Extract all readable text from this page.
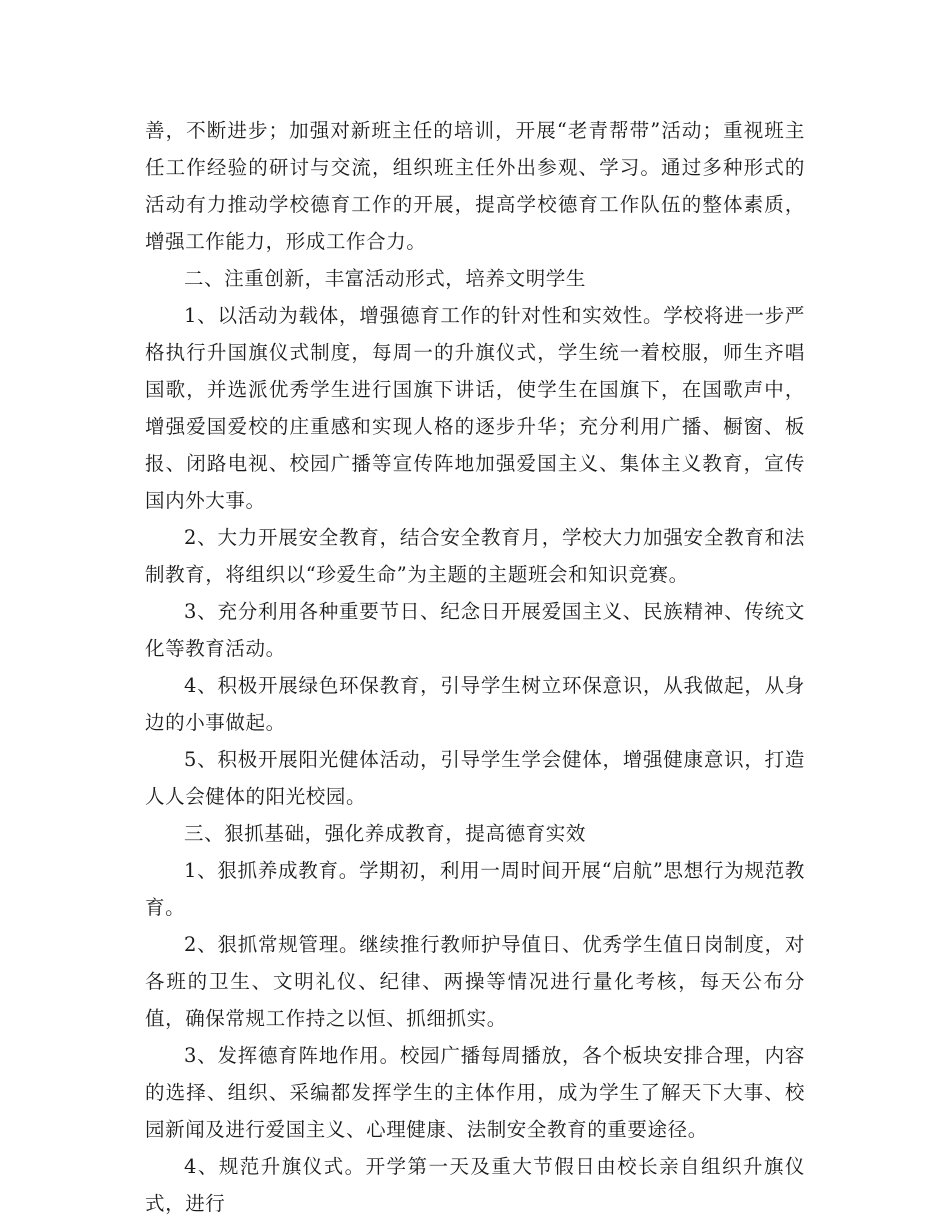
善，不断进步；加强对新班主任的培训，开展“老青帮带”活动；重视班主任工作经验的研讨与交流，组织班主任外出参观、学习。通过多种形式的活动有力推动学校德育工作的开展，提高学校德育工作队伍的整体素质，增强工作能力，形成工作合力。

二、注重创新，丰富活动形式，培养文明学生

1、以活动为载体，增强德育工作的针对性和实效性。学校将进一步严格执行升国旗仪式制度，每周一的升旗仪式，学生统一着校服，师生齐唱国歌，并选派优秀学生进行国旗下讲话，使学生在国旗下，在国歌声中，增强爱国爱校的庄重感和实现人格的逐步升华；充分利用广播、橱窗、板报、闭路电视、校园广播等宣传阵地加强爱国主义、集体主义教育，宣传国内外大事。

2、大力开展安全教育，结合安全教育月，学校大力加强安全教育和法制教育，将组织以“珍爱生命”为主题的主题班会和知识竞赛。

3、充分利用各种重要节日、纪念日开展爱国主义、民族精神、传统文化等教育活动。

4、积极开展绿色环保教育，引导学生树立环保意识，从我做起，从身边的小事做起。

5、积极开展阳光健体活动，引导学生学会健体，增强健康意识，打造人人会健体的阳光校园。

三、狠抓基础，强化养成教育，提高德育实效

1、狠抓养成教育。学期初，利用一周时间开展“启航”思想行为规范教育。

2、狠抓常规管理。继续推行教师护导值日、优秀学生值日岗制度，对各班的卫生、文明礼仪、纪律、两操等情况进行量化考核，每天公布分值，确保常规工作持之以恒、抓细抓实。

3、发挥德育阵地作用。校园广播每周播放，各个板块安排合理，内容的选择、组织、采编都发挥学生的主体作用，成为学生了解天下大事、校园新闻及进行爱国主义、心理健康、法制安全教育的重要途径。

4、规范升旗仪式。开学第一天及重大节假日由校长亲自组织升旗仪式，进行
